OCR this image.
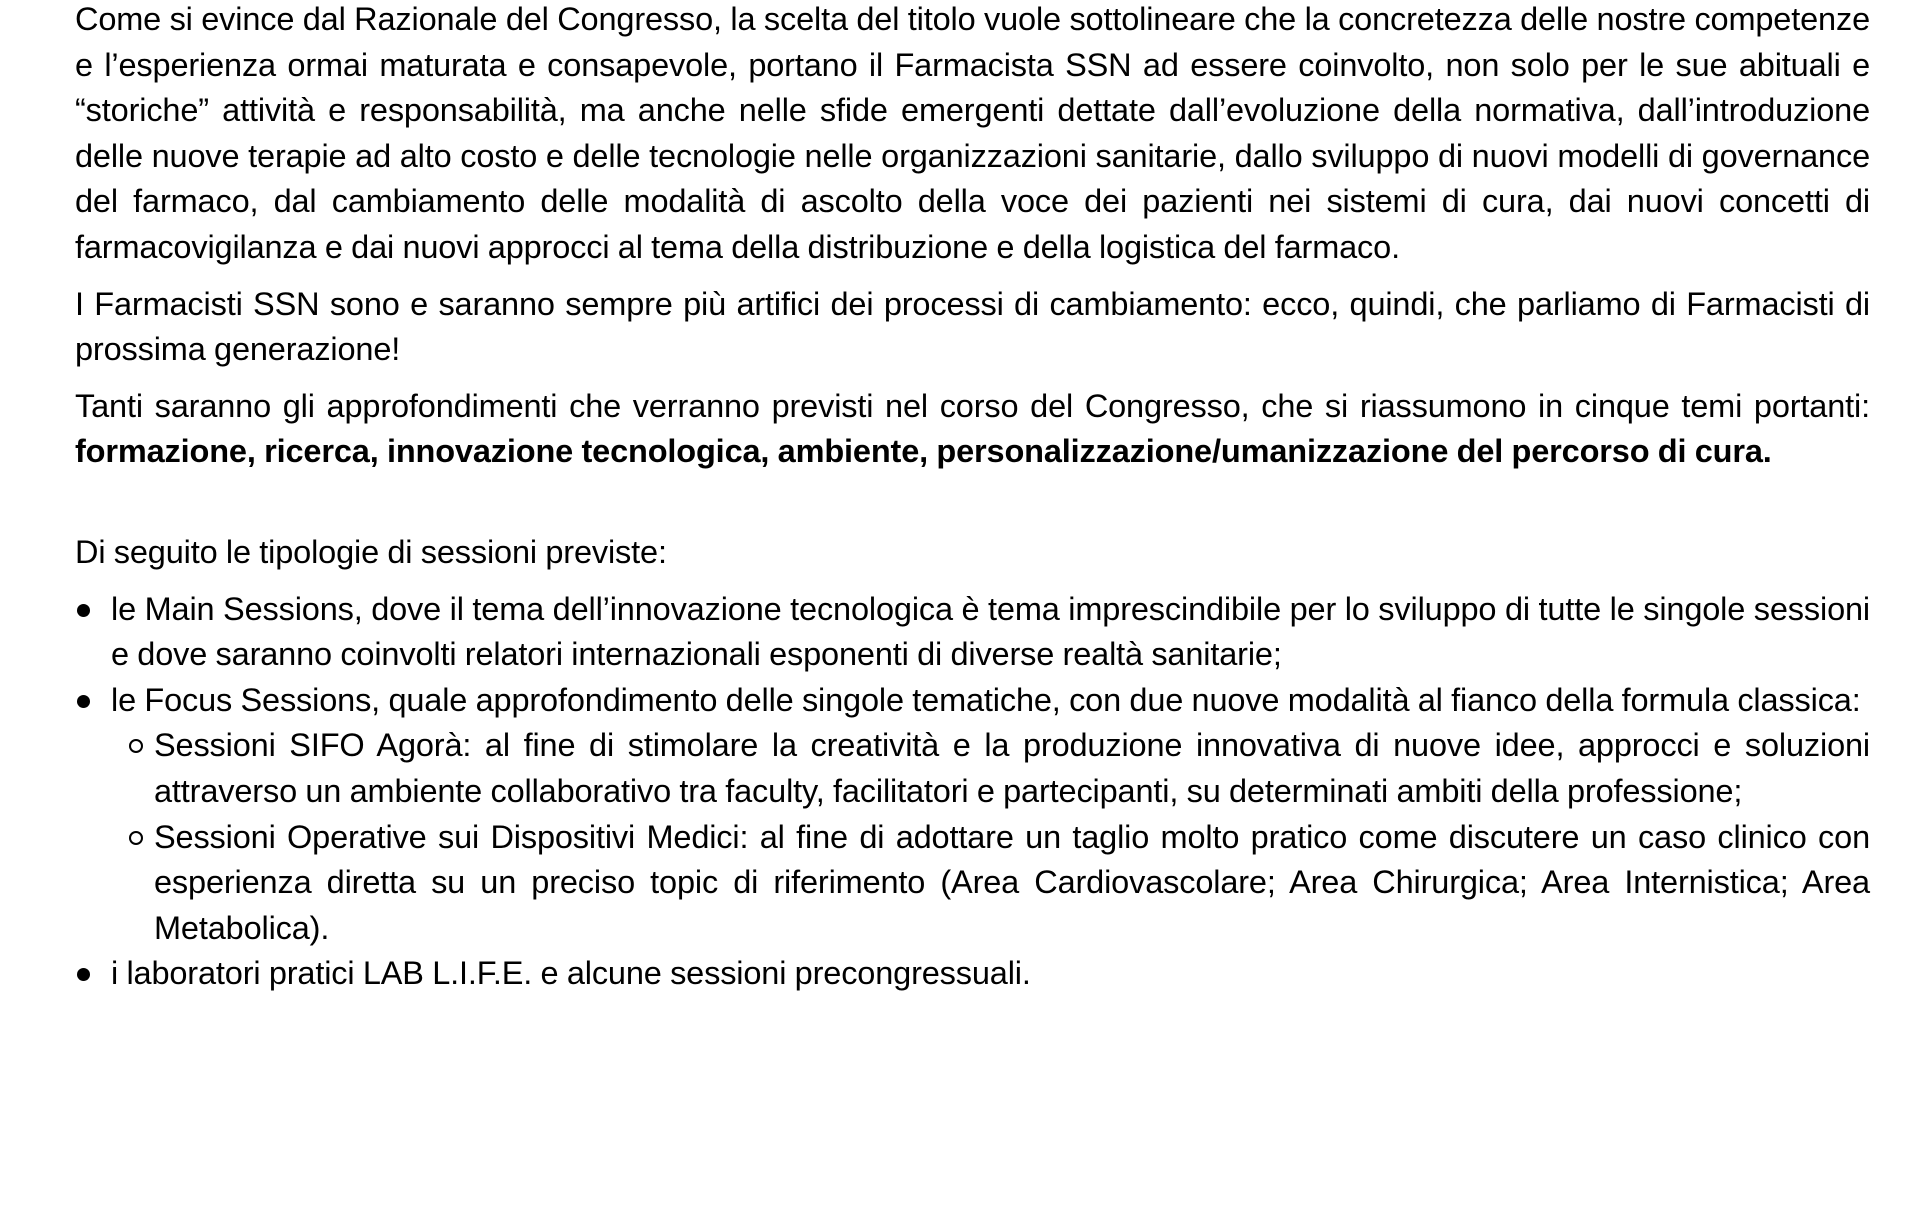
Come si evince dal Razionale del Congresso, la scelta del titolo vuole sottolineare che la concretezza delle nostre competenze e l’esperienza ormai maturata e consapevole, portano il Farmacista SSN ad essere coinvolto, non solo per le sue abituali e “storiche” attività e responsabilità, ma anche nelle sfide emergenti dettate dall’evoluzione della normativa, dall’introduzione delle nuove terapie ad alto costo e delle tecnologie nelle organizzazioni sanitarie, dallo sviluppo di nuovi modelli di governance del farmaco, dal cambiamento delle modalità di ascolto della voce dei pazienti nei sistemi di cura, dai nuovi concetti di farmacovigilanza e dai nuovi approcci al tema della distribuzione e della logistica del farmaco.

I Farmacisti SSN sono e saranno sempre più artifici dei processi di cambiamento: ecco, quindi, che parliamo di Farmacisti di prossima generazione!

Tanti saranno gli approfondimenti che verranno previsti nel corso del Congresso, che si riassumono in cinque temi portanti: formazione, ricerca, innovazione tecnologica, ambiente, personalizzazione/umanizzazione del percorso di cura.

Di seguito le tipologie di sessioni previste:

le Main Sessions, dove il tema dell’innovazione tecnologica è tema imprescindibile per lo sviluppo di tutte le singole sessioni e dove saranno coinvolti relatori internazionali esponenti di diverse realtà sanitarie;
le Focus Sessions, quale approfondimento delle singole tematiche, con due nuove modalità al fianco della formula classica:
Sessioni SIFO Agorà: al fine di stimolare la creatività e la produzione innovativa di nuove idee, approcci e soluzioni attraverso un ambiente collaborativo tra faculty, facilitatori e partecipanti, su determinati ambiti della professione;
Sessioni Operative sui Dispositivi Medici: al fine di adottare un taglio molto pratico come discutere un caso clinico con esperienza diretta su un preciso topic di riferimento (Area Cardiovascolare; Area Chirurgica; Area Internistica; Area Metabolica).
i laboratori pratici LAB L.I.F.E. e alcune sessioni precongressuali.
